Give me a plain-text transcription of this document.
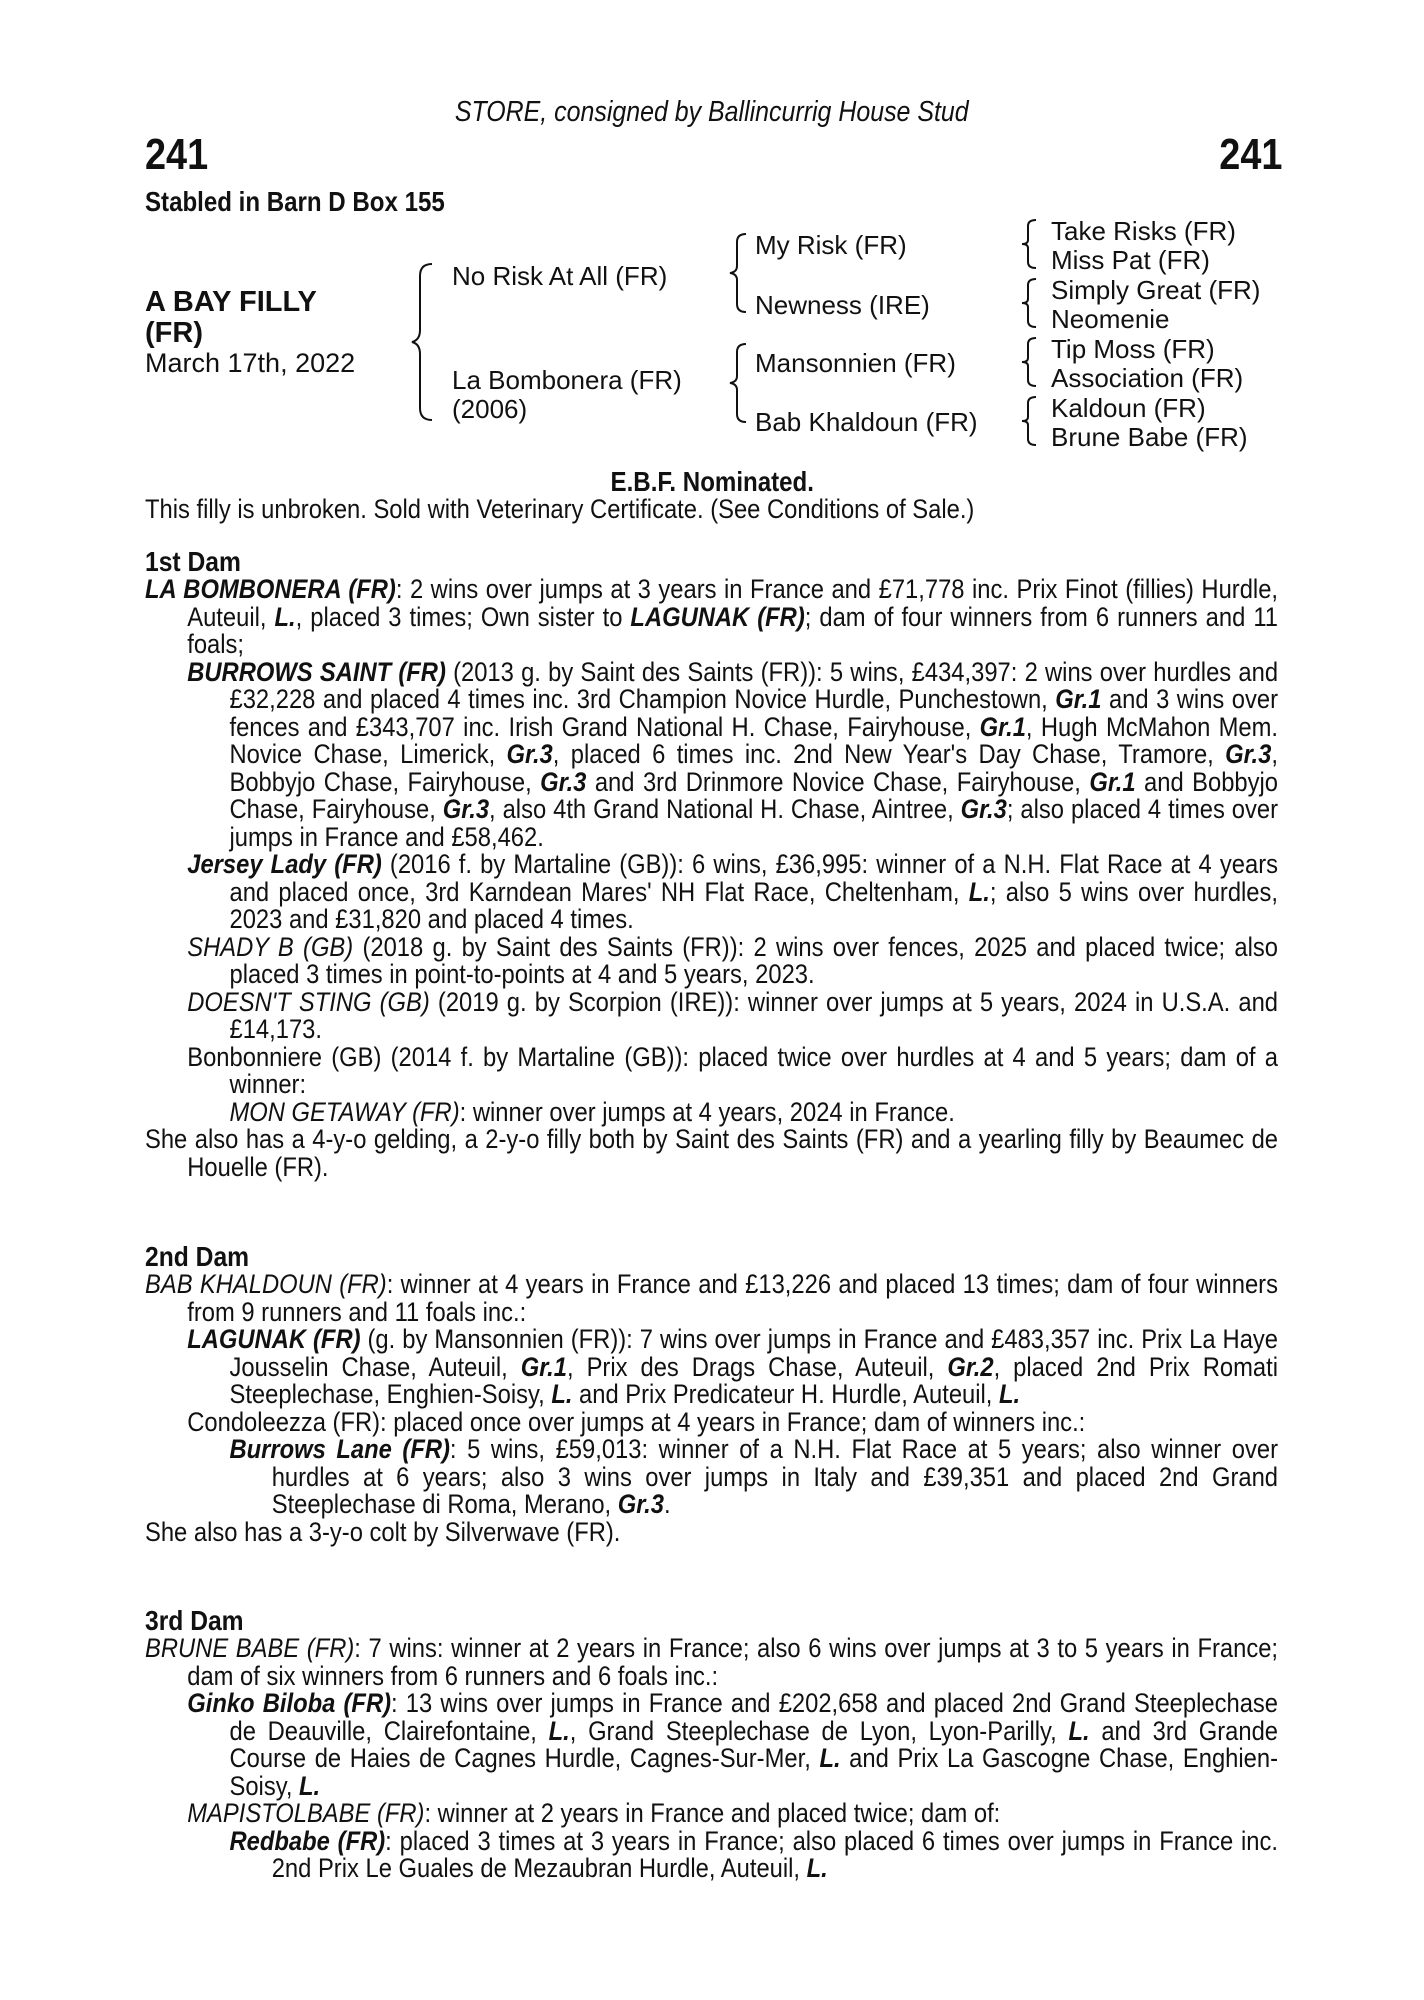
STORE, consigned by Ballincurrig House Stud
241	241
Stabled in Barn D Box 155
A BAY FILLY (FR)
March 17th, 2022
No Risk At All (FR)
La Bombonera (FR)
(2006)
My Risk (FR)
Newness (IRE)
Mansonnien (FR)
Bab Khaldoun (FR)
Take Risks (FR)
Miss Pat (FR)
Simply Great (FR)
Neomenie
Tip Moss (FR)
Association (FR)
Kaldoun (FR)
Brune Babe (FR)
E.B.F. Nominated.
This filly is unbroken. Sold with Veterinary Certificate. (See Conditions of Sale.)
1st Dam
LA BOMBONERA (FR): 2 wins over jumps at 3 years in France and £71,778 inc. Prix Finot (fillies) Hurdle, Auteuil, L., placed 3 times; Own sister to LAGUNAK (FR); dam of four winners from 6 runners and 11 foals;
BURROWS SAINT (FR) (2013 g. by Saint des Saints (FR)): 5 wins, £434,397: 2 wins over hurdles and £32,228 and placed 4 times inc. 3rd Champion Novice Hurdle, Punchestown, Gr.1 and 3 wins over fences and £343,707 inc. Irish Grand National H. Chase, Fairyhouse, Gr.1, Hugh McMahon Mem. Novice Chase, Limerick, Gr.3, placed 6 times inc. 2nd New Year's Day Chase, Tramore, Gr.3, Bobbyjo Chase, Fairyhouse, Gr.3 and 3rd Drinmore Novice Chase, Fairyhouse, Gr.1 and Bobbyjo Chase, Fairyhouse, Gr.3, also 4th Grand National H. Chase, Aintree, Gr.3; also placed 4 times over jumps in France and £58,462.
Jersey Lady (FR) (2016 f. by Martaline (GB)): 6 wins, £36,995: winner of a N.H. Flat Race at 4 years and placed once, 3rd Karndean Mares' NH Flat Race, Cheltenham, L.; also 5 wins over hurdles, 2023 and £31,820 and placed 4 times.
SHADY B (GB) (2018 g. by Saint des Saints (FR)): 2 wins over fences, 2025 and placed twice; also placed 3 times in point-to-points at 4 and 5 years, 2023.
DOESN'T STING (GB) (2019 g. by Scorpion (IRE)): winner over jumps at 5 years, 2024 in U.S.A. and £14,173.
Bonbonniere (GB) (2014 f. by Martaline (GB)): placed twice over hurdles at 4 and 5 years; dam of a winner:
MON GETAWAY (FR): winner over jumps at 4 years, 2024 in France.
She also has a 4-y-o gelding, a 2-y-o filly both by Saint des Saints (FR) and a yearling filly by Beaumec de Houelle (FR).
2nd Dam
BAB KHALDOUN (FR): winner at 4 years in France and £13,226 and placed 13 times; dam of four winners from 9 runners and 11 foals inc.:
LAGUNAK (FR) (g. by Mansonnien (FR)): 7 wins over jumps in France and £483,357 inc. Prix La Haye Jousselin Chase, Auteuil, Gr.1, Prix des Drags Chase, Auteuil, Gr.2, placed 2nd Prix Romati Steeplechase, Enghien-Soisy, L. and Prix Predicateur H. Hurdle, Auteuil, L.
Condoleezza (FR): placed once over jumps at 4 years in France; dam of winners inc.:
Burrows Lane (FR): 5 wins, £59,013: winner of a N.H. Flat Race at 5 years; also winner over hurdles at 6 years; also 3 wins over jumps in Italy and £39,351 and placed 2nd Grand Steeplechase di Roma, Merano, Gr.3.
She also has a 3-y-o colt by Silverwave (FR).
3rd Dam
BRUNE BABE (FR): 7 wins: winner at 2 years in France; also 6 wins over jumps at 3 to 5 years in France; dam of six winners from 6 runners and 6 foals inc.:
Ginko Biloba (FR): 13 wins over jumps in France and £202,658 and placed 2nd Grand Steeplechase de Deauville, Clairefontaine, L., Grand Steeplechase de Lyon, Lyon-Parilly, L. and 3rd Grande Course de Haies de Cagnes Hurdle, Cagnes-Sur-Mer, L. and Prix La Gascogne Chase, Enghien-Soisy, L.
MAPISTOLBABE (FR): winner at 2 years in France and placed twice; dam of:
Redbabe (FR): placed 3 times at 3 years in France; also placed 6 times over jumps in France inc. 2nd Prix Le Guales de Mezaubran Hurdle, Auteuil, L.
